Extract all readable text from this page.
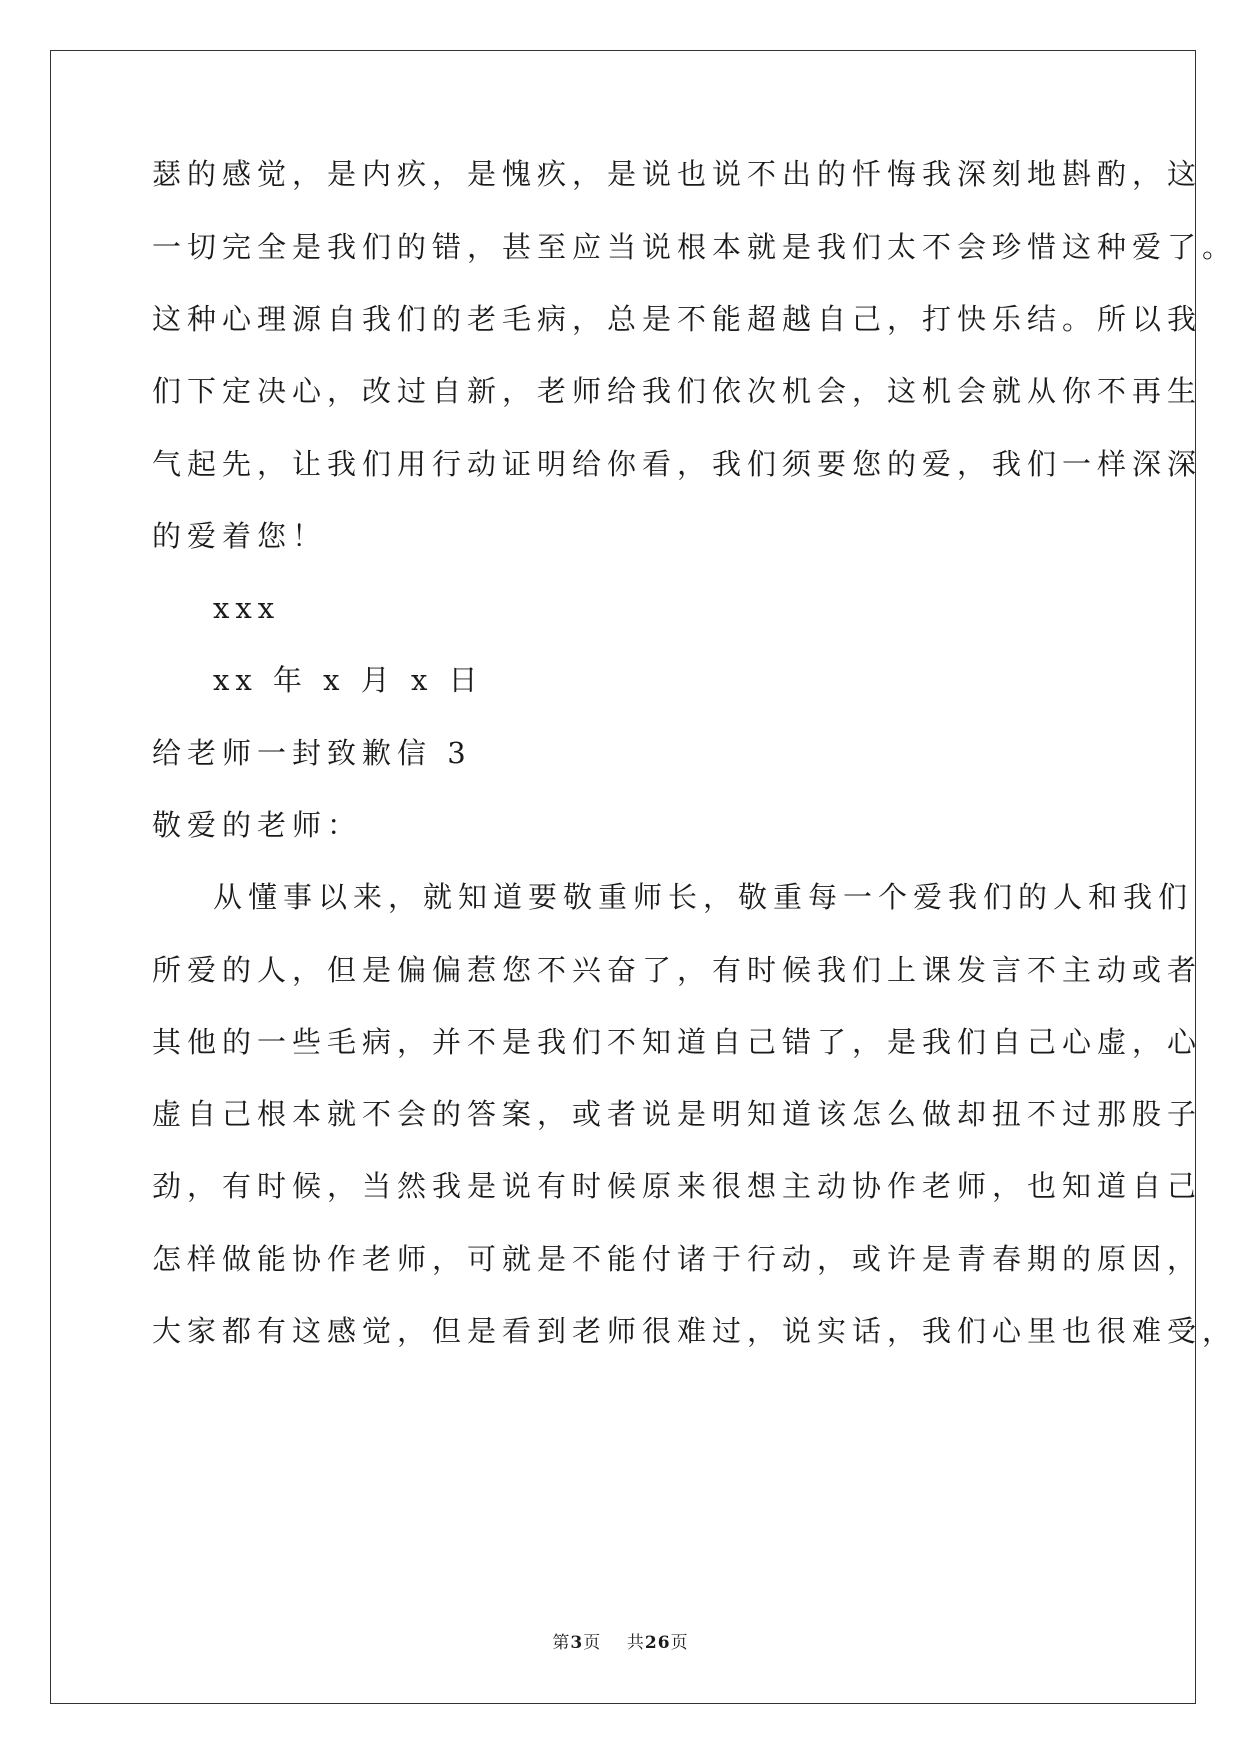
瑟的感觉，是内疚，是愧疚，是说也说不出的忏悔我深刻地斟酌，这
一切完全是我们的错，甚至应当说根本就是我们太不会珍惜这种爱了。
这种心理源自我们的老毛病，总是不能超越自己，打快乐结。所以我
们下定决心，改过自新，老师给我们依次机会，这机会就从你不再生
气起先，让我们用行动证明给你看，我们须要您的爱，我们一样深深
的爱着您！
xxx
xx 年 x 月 x 日
给老师一封致歉信 3
敬爱的老师：
从懂事以来，就知道要敬重师长，敬重每一个爱我们的人和我们
所爱的人，但是偏偏惹您不兴奋了，有时候我们上课发言不主动或者
其他的一些毛病，并不是我们不知道自己错了，是我们自己心虚，心
虚自己根本就不会的答案，或者说是明知道该怎么做却扭不过那股子
劲，有时候，当然我是说有时候原来很想主动协作老师，也知道自己
怎样做能协作老师，可就是不能付诸于行动，或许是青春期的原因，
大家都有这感觉，但是看到老师很难过，说实话，我们心里也很难受，
第3页 共26页
